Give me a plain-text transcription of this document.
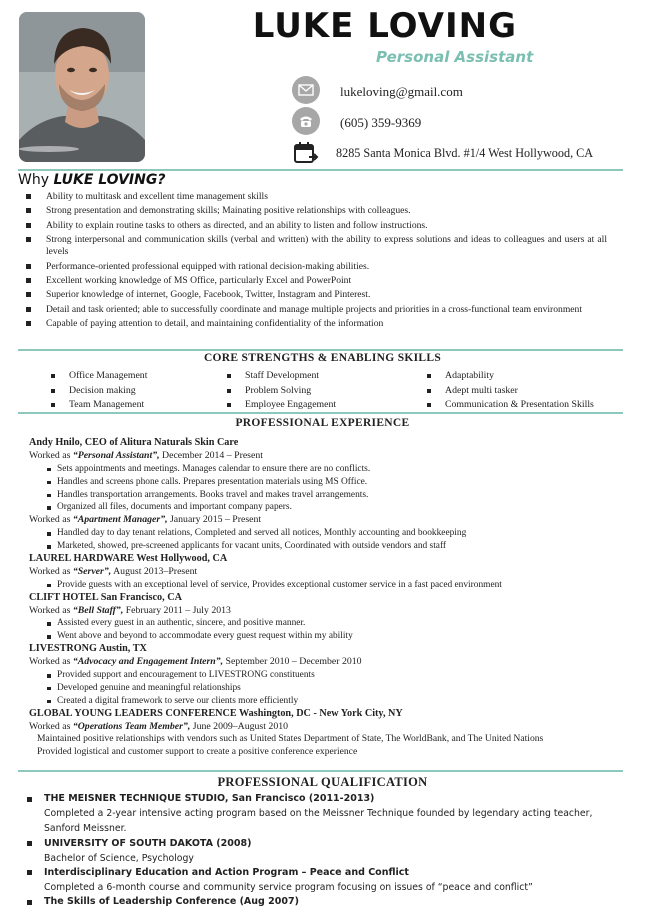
LUKE LOVING
Personal Assistant
lukeloving@gmail.com
(605) 359-9369
8285 Santa Monica Blvd. #1/4 West Hollywood, CA
Why LUKE LOVING?
Ability to multitask and excellent time management skills
Strong presentation and demonstrating skills; Mainating positive relationships with colleagues.
Ability to explain routine tasks to others as directed, and an ability to listen and follow instructions.
Strong interpersonal and communication skills (verbal and written) with the ability to express solutions and ideas to colleagues and users at all levels
Performance-oriented professional equipped with rational decision-making abilities.
Excellent working knowledge of MS Office, particularly Excel and PowerPoint
Superior knowledge of internet, Google, Facebook, Twitter, Instagram and Pinterest.
Detail and task oriented; able to successfully coordinate and manage multiple projects and priorities in a cross-functional team environment
Capable of paying attention to detail, and maintaining confidentiality of the information
CORE STRENGTHS & ENABLING SKILLS
Office Management
Decision making
Team Management
Staff Development
Problem Solving
Employee Engagement
Adaptability
Adept multi tasker
Communication & Presentation Skills
PROFESSIONAL EXPERIENCE
Andy Hnilo, CEO of Alitura Naturals Skin Care
Worked as “Personal Assistant”, December 2014 – Present
Sets appointments and meetings. Manages calendar to ensure there are no conflicts.
Handles and screens phone calls. Prepares presentation materials using MS Office.
Handles transportation arrangements. Books travel and makes travel arrangements.
Organized all files, documents and important company papers.
Worked as “Apartment Manager”, January 2015 – Present
Handled day to day tenant relations, Completed and served all notices, Monthly accounting and bookkeeping
Marketed, showed, pre-screened applicants for vacant units, Coordinated with outside vendors and staff
LAUREL HARDWARE West Hollywood, CA
Worked as “Server”, August 2013–Present
Provide guests with an exceptional level of service, Provides exceptional customer service in a fast paced environment
CLIFT HOTEL San Francisco, CA
Worked as “Bell Staff”, February 2011 – July 2013
Assisted every guest in an authentic, sincere, and positive manner.
Went above and beyond to accommodate every guest request within my ability
LIVESTRONG Austin, TX
Worked as “Advocacy and Engagement Intern”, September 2010 – December 2010
Provided support and encouragement to LIVESTRONG constituents
Developed genuine and meaningful relationships
Created a digital framework to serve our clients more efficiently
GLOBAL YOUNG LEADERS CONFERENCE Washington, DC - New York City, NY
Worked as “Operations Team Member”, June 2009–August 2010
Maintained positive relationships with vendors such as United States Department of State, The WorldBank, and The United Nations
Provided logistical and customer support to create a positive conference experience
PROFESSIONAL QUALIFICATION
THE MEISNER TECHNIQUE STUDIO, San Francisco (2011-2013)
Completed a 2-year intensive acting program based on the Meissner Technique founded by legendary acting teacher, Sanford Meissner.
UNIVERSITY OF SOUTH DAKOTA (2008)
Bachelor of Science, Psychology
Interdisciplinary Education and Action Program – Peace and Conflict
Completed a 6-month course and community service program focusing on issues of “peace and conflict”
The Skills of Leadership Conference (Aug 2007)
